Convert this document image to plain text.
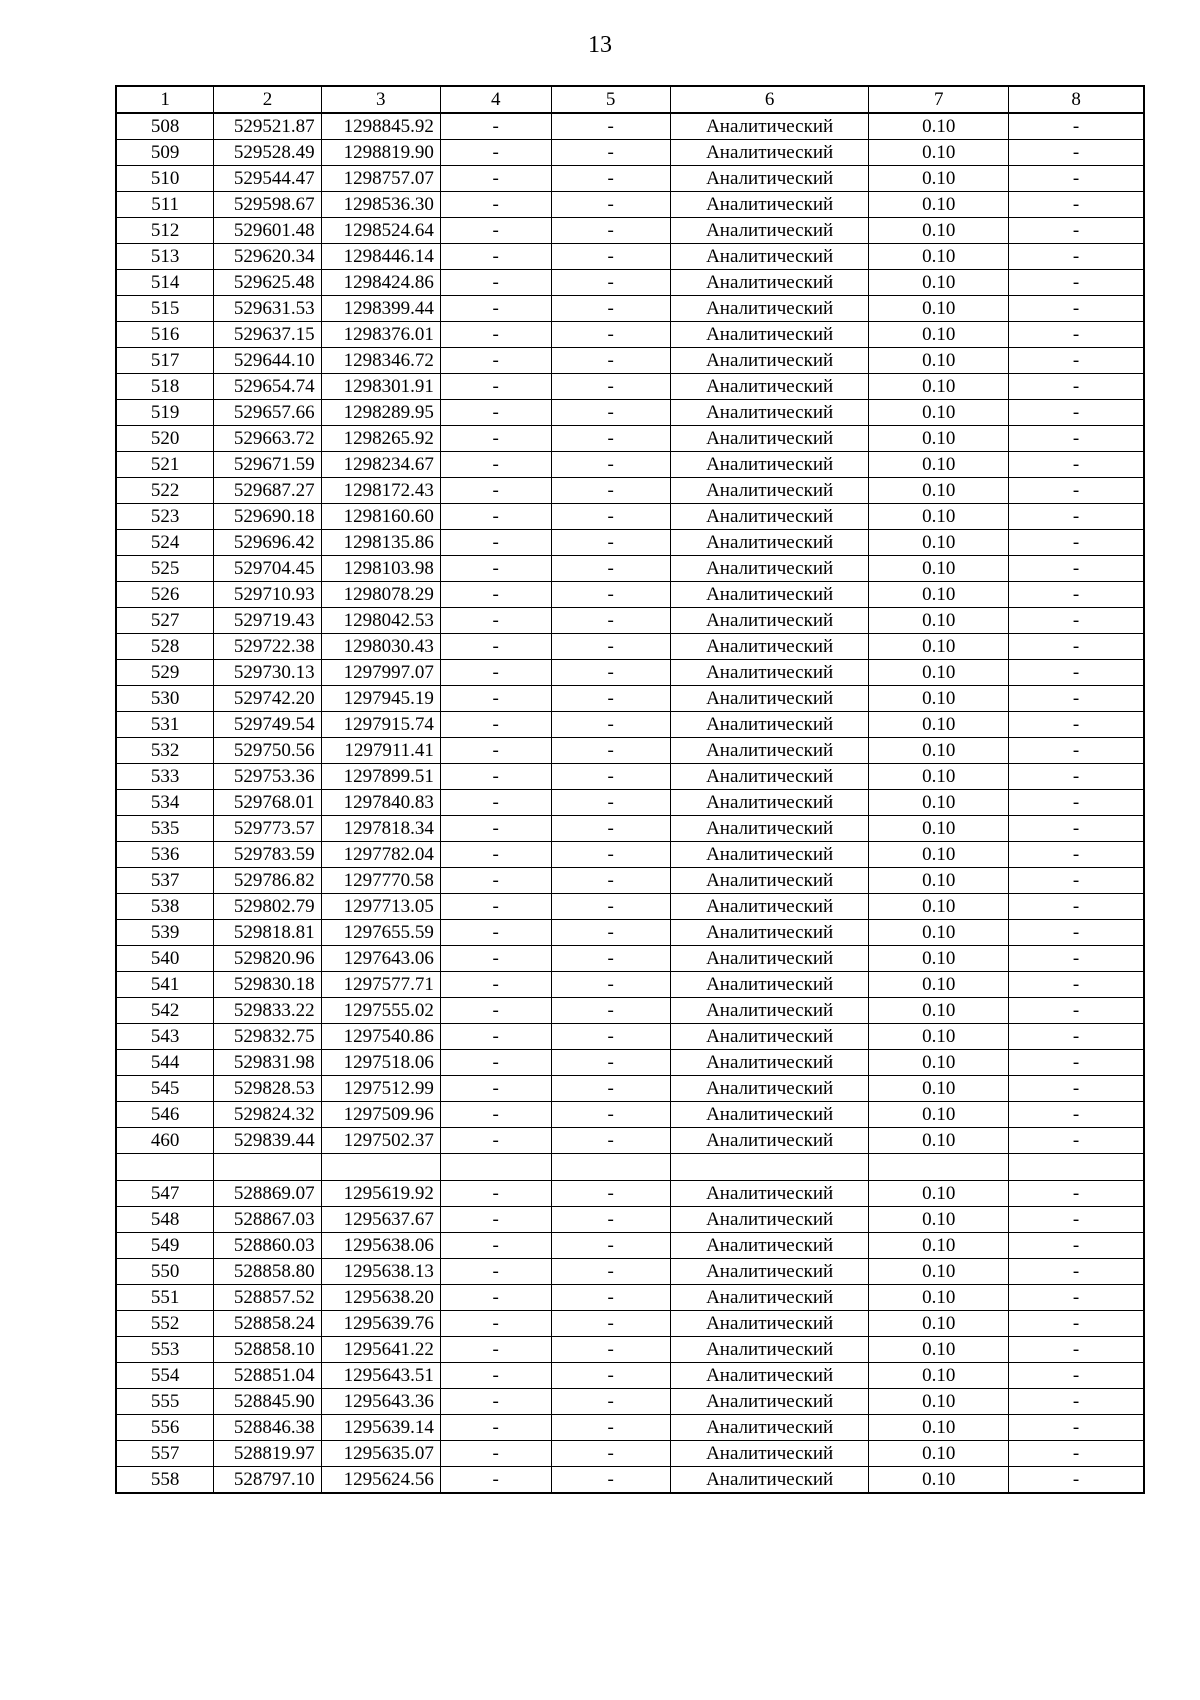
13
1	2	3	4	5	6	7	8
508	529521.87	1298845.92	-	-	Аналитический	0.10	-
509	529528.49	1298819.90	-	-	Аналитический	0.10	-
510	529544.47	1298757.07	-	-	Аналитический	0.10	-
511	529598.67	1298536.30	-	-	Аналитический	0.10	-
512	529601.48	1298524.64	-	-	Аналитический	0.10	-
513	529620.34	1298446.14	-	-	Аналитический	0.10	-
514	529625.48	1298424.86	-	-	Аналитический	0.10	-
515	529631.53	1298399.44	-	-	Аналитический	0.10	-
516	529637.15	1298376.01	-	-	Аналитический	0.10	-
517	529644.10	1298346.72	-	-	Аналитический	0.10	-
518	529654.74	1298301.91	-	-	Аналитический	0.10	-
519	529657.66	1298289.95	-	-	Аналитический	0.10	-
520	529663.72	1298265.92	-	-	Аналитический	0.10	-
521	529671.59	1298234.67	-	-	Аналитический	0.10	-
522	529687.27	1298172.43	-	-	Аналитический	0.10	-
523	529690.18	1298160.60	-	-	Аналитический	0.10	-
524	529696.42	1298135.86	-	-	Аналитический	0.10	-
525	529704.45	1298103.98	-	-	Аналитический	0.10	-
526	529710.93	1298078.29	-	-	Аналитический	0.10	-
527	529719.43	1298042.53	-	-	Аналитический	0.10	-
528	529722.38	1298030.43	-	-	Аналитический	0.10	-
529	529730.13	1297997.07	-	-	Аналитический	0.10	-
530	529742.20	1297945.19	-	-	Аналитический	0.10	-
531	529749.54	1297915.74	-	-	Аналитический	0.10	-
532	529750.56	1297911.41	-	-	Аналитический	0.10	-
533	529753.36	1297899.51	-	-	Аналитический	0.10	-
534	529768.01	1297840.83	-	-	Аналитический	0.10	-
535	529773.57	1297818.34	-	-	Аналитический	0.10	-
536	529783.59	1297782.04	-	-	Аналитический	0.10	-
537	529786.82	1297770.58	-	-	Аналитический	0.10	-
538	529802.79	1297713.05	-	-	Аналитический	0.10	-
539	529818.81	1297655.59	-	-	Аналитический	0.10	-
540	529820.96	1297643.06	-	-	Аналитический	0.10	-
541	529830.18	1297577.71	-	-	Аналитический	0.10	-
542	529833.22	1297555.02	-	-	Аналитический	0.10	-
543	529832.75	1297540.86	-	-	Аналитический	0.10	-
544	529831.98	1297518.06	-	-	Аналитический	0.10	-
545	529828.53	1297512.99	-	-	Аналитический	0.10	-
546	529824.32	1297509.96	-	-	Аналитический	0.10	-
460	529839.44	1297502.37	-	-	Аналитический	0.10	-

547	528869.07	1295619.92	-	-	Аналитический	0.10	-
548	528867.03	1295637.67	-	-	Аналитический	0.10	-
549	528860.03	1295638.06	-	-	Аналитический	0.10	-
550	528858.80	1295638.13	-	-	Аналитический	0.10	-
551	528857.52	1295638.20	-	-	Аналитический	0.10	-
552	528858.24	1295639.76	-	-	Аналитический	0.10	-
553	528858.10	1295641.22	-	-	Аналитический	0.10	-
554	528851.04	1295643.51	-	-	Аналитический	0.10	-
555	528845.90	1295643.36	-	-	Аналитический	0.10	-
556	528846.38	1295639.14	-	-	Аналитический	0.10	-
557	528819.97	1295635.07	-	-	Аналитический	0.10	-
558	528797.10	1295624.56	-	-	Аналитический	0.10	-
